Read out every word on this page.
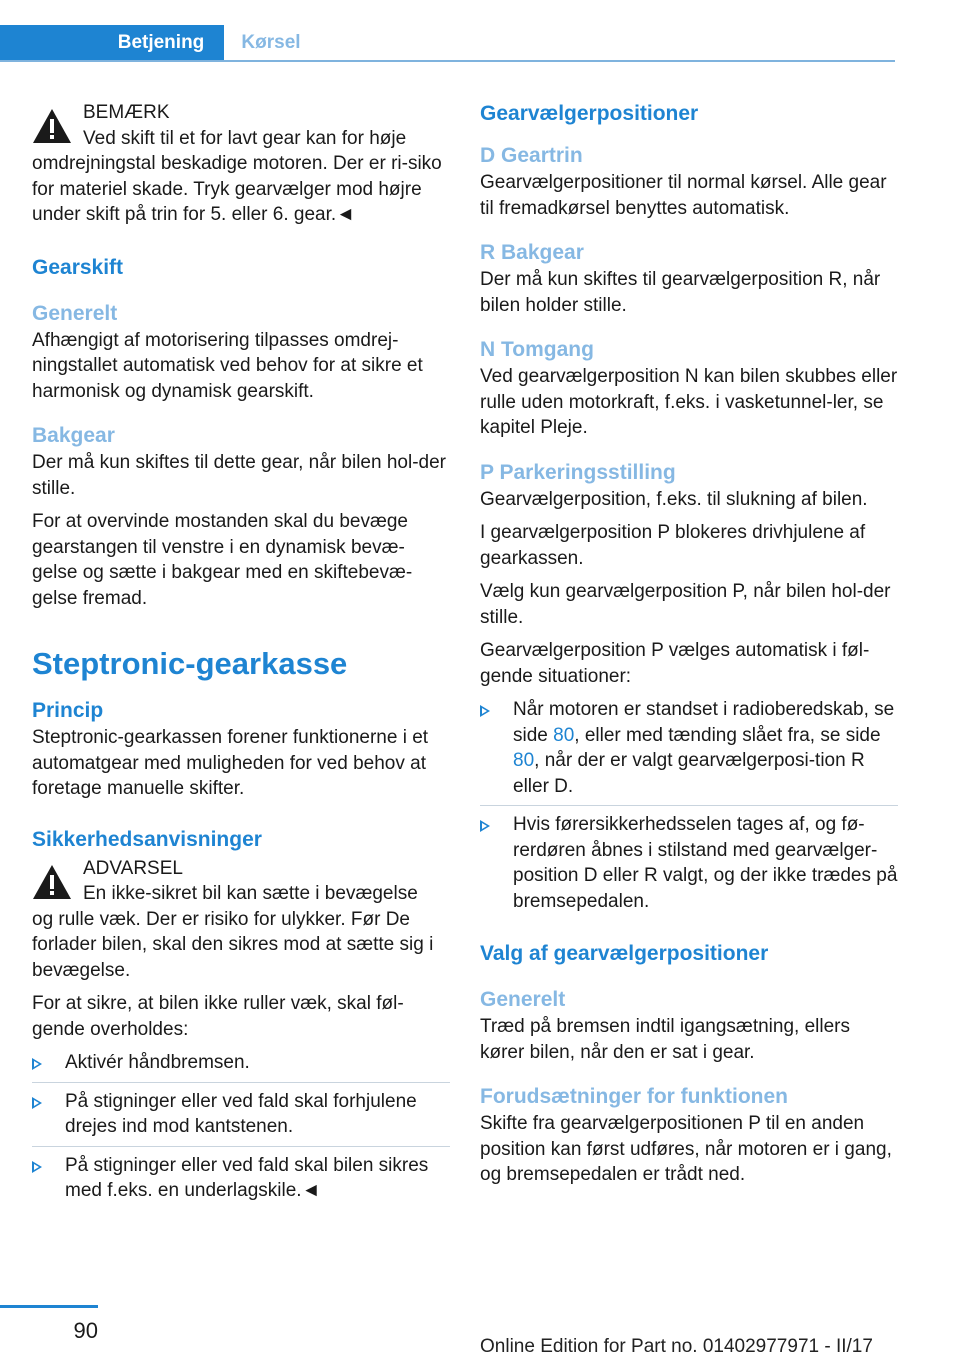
Betjening	Kørsel

BEMÆRK

Ved skift til et for lavt gear kan for høje

omdrejningstal beskadige motoren. Der er ri-siko for materiel skade. Tryk gearvælger mod højre under skift på trin for 5. eller 6. gear.◄

Gearskift
Generelt

Afhængigt af motorisering tilpasses omdrej-ningstallet automatisk ved behov for at sikre et harmonisk og dynamisk gearskift.

Bakgear

Der må kun skiftes til dette gear, når bilen hol-der stille.

For at overvinde mostanden skal du bevæge gearstangen til venstre i en dynamisk bevæ-gelse og sætte i bakgear med en skiftebevæ-gelse fremad.

Steptronic-gearkasse
Princip

Steptronic-gearkassen forener funktionerne i et automatgear med muligheden for ved behov at foretage manuelle skifter.

Sikkerhedsanvisninger

ADVARSEL

En ikke-sikret bil kan sætte i bevægelse

og rulle væk. Der er risiko for ulykker. Før De forlader bilen, skal den sikres mod at sætte sig i bevægelse.

For at sikre, at bilen ikke ruller væk, skal føl-gende overholdes:

Aktivér håndbremsen.
På stigninger eller ved fald skal forhjulene drejes ind mod kantstenen.
På stigninger eller ved fald skal bilen sikres med f.eks. en underlagskile.◄
Gearvælgerpositioner
D Geartrin

Gearvælgerpositioner til normal kørsel. Alle gear til fremadkørsel benyttes automatisk.

R Bakgear

Der må kun skiftes til gearvælgerposition R, når bilen holder stille.

N Tomgang

Ved gearvælgerposition N kan bilen skubbes eller rulle uden motorkraft, f.eks. i vasketunnel-ler, se kapitel Pleje.

P Parkeringsstilling

Gearvælgerposition, f.eks. til slukning af bilen.

I gearvælgerposition P blokeres drivhjulene af gearkassen.

Vælg kun gearvælgerposition P, når bilen hol-der stille.

Gearvælgerposition P vælges automatisk i føl-gende situationer:

Når motoren er standset i radioberedskab, se side 80, eller med tænding slået fra, se side 80, når der er valgt gearvælgerposi-tion R eller D.
Hvis førersikkerhedsselen tages af, og fø-rerdøren åbnes i stilstand med gearvælger-position D eller R valgt, og der ikke trædes på bremsepedalen.
Valg af gearvælgerpositioner
Generelt

Træd på bremsen indtil igangsætning, ellers kører bilen, når den er sat i gear.

Forudsætninger for funktionen

Skifte fra gearvælgerpositionen P til en anden position kan først udføres, når motoren er i gang, og bremsepedalen er trådt ned.

90
Online Edition for Part no. 01402977971 - II/17
